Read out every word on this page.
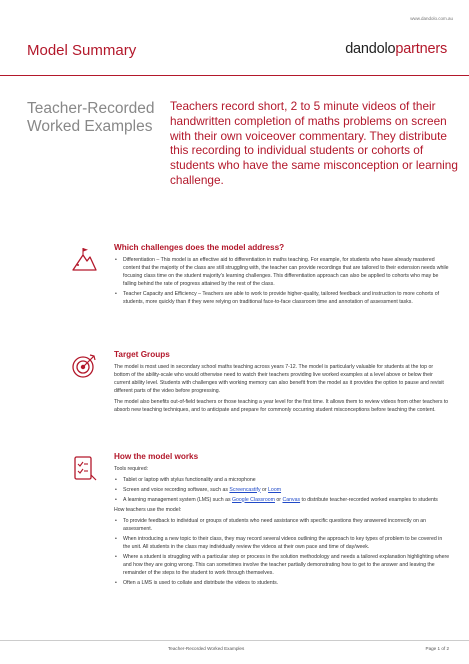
www.dandolo.com.au
Model Summary	dandolopartners
Teacher-Recorded Worked Examples
Teachers record short, 2 to 5 minute videos of their handwritten completion of maths problems on screen with their own voiceover commentary. They distribute this recording to individual students or cohorts of students who have the same misconception or learning challenge.
Which challenges does the model address?
• Differentiation – This model is an effective aid to differentiation in maths teaching. For example, for students who have already mastered content that the majority of the class are still struggling with, the teacher can provide recordings that are tailored to their extension needs while focusing class time on the student majority's learning challenges. This differentiation approach can also be applied to cohorts who may be falling behind the rate of progress attained by the rest of the class.
• Teacher Capacity and Efficiency – Teachers are able to work to provide higher-quality, tailored feedback and instruction to more cohorts of students, more quickly than if they were relying on traditional face-to-face classroom time and annotation of assessment tasks.
Target Groups

The model is most used in secondary school maths teaching across years 7-12. The model is particularly valuable for students at the top or bottom of the ability-scale who would otherwise need to watch their teachers providing live worked examples at a level above or below their current ability level. Students with challenges with working memory can also benefit from the model as it provides the option to pause and revisit different parts of the video before progressing.

The model also benefits out-of-field teachers or those teaching a year level for the first time. It allows them to review videos from other teachers to absorb new teaching techniques, and to anticipate and prepare for commonly occurring student misconceptions before teaching the content.

How the model works

Tools required:

• Tablet or laptop with stylus functionality and a microphone
• Screen and voice recording software, such as Screencastify or Loom
• A learning management system (LMS) such as Google Classroom or Canvas to distribute teacher-recorded worked examples to students

How teachers use the model:

• To provide feedback to individual or groups of students who need assistance with specific questions they answered incorrectly on an assessment.
• When introducing a new topic to their class, they may record several videos outlining the approach to key types of problem to be covered in the unit. All students in the class may individually review the videos at their own pace and time of day/week.
• Where a student is struggling with a particular step or process in the solution methodology and needs a tailored explanation highlighting where and how they are going wrong. This can sometimes involve the teacher partially demonstrating how to get to the answer and leaving the remainder of the steps to the student to work through themselves.
• Often a LMS is used to collate and distribute the videos to students.
Teacher-Recorded Worked Examples	Page 1 of 2
